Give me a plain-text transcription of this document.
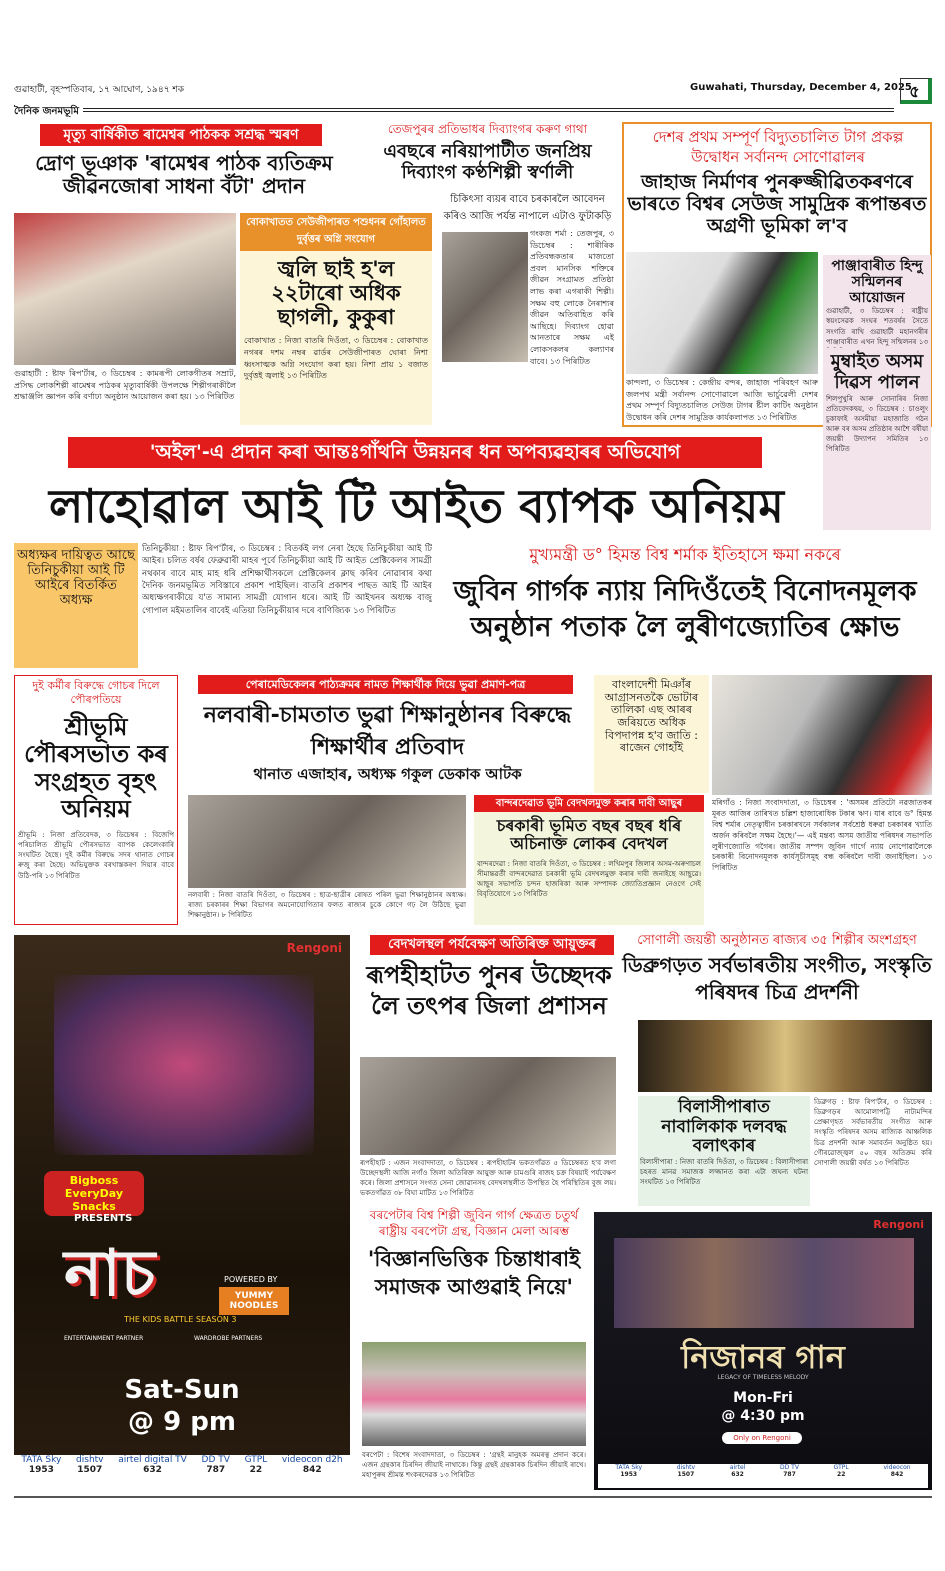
গুৱাহাটী, বৃহস্পতিবাৰ, ১৭ আঘোণ, ১৯৪৭ শক	Guwahati, Thursday, December 4, 2025
৫
দৈনিক জনমভূমি
মৃত্যু বাৰ্ষিকীত ৰামেশ্বৰ পাঠকক সশ্ৰদ্ধ স্মৰণ
দ্ৰোণ ভূঞাক 'ৰামেশ্বৰ পাঠক ব্যতিক্ৰম জীৱনজোৰা সাধনা বঁটা' প্ৰদান
গুৱাহাটী : ষ্টাফ ৰিপ'ৰ্টাৰ, ৩ ডিচেম্বৰ : কামৰূপী লোকগীতৰ সম্ৰাট, প্ৰসিদ্ধ লোকশিল্পী ৰামেশ্বৰ পাঠকৰ মৃত্যুবাৰ্ষিকী উপলক্ষে শিল্পীগৰাকীলৈ শ্ৰদ্ধাঞ্জলি জ্ঞাপন কৰি বৰ্ণাঢ্য অনুষ্ঠান আয়োজন কৰা হয়। ১৩ পিৰিটিত
বোকাখাতত সেউজীপাৰত পশুধনৰ গোঁহালত দুৰ্বৃত্তৰ অগ্নি সংযোগ
জ্বলি ছাই হ'ল ২২টাৰো অধিক ছাগলী, কুকুৰা
বোকাখাত : নিজা বাতৰি দিওঁতা, ৩ ডিচেম্বৰ : বোকাখাত নগৰৰ দশম নম্বৰ ৱাৰ্ডৰ সেউজীপাৰত ঘোৰা নিশা ধ্বংসাত্মক অগ্নি সংযোগ কৰা হয়। নিশা প্ৰায় ১ বজাত দুৰ্বৃত্তই জ্বলাই ১৩ পিৰিটিত
তেজপুৰৰ প্ৰতিভাধৰ দিব্যাংগৰ কৰুণ গাথা
এবছৰে নৰিয়াপাটীত জনপ্ৰিয় দিব্যাংগ কণ্ঠশিল্পী স্বৰ্ণালী
চিকিৎসা ব্যয়ৰ বাবে চৰকাৰলৈ আবেদন কৰিও আজি পৰ্যন্ত নাপালে এটাও ফুটাকড়ি
গংকজ শৰ্মা : তেজপুৰ, ৩ ডিচেম্বৰ : শাৰীৰিক প্ৰতিবন্ধকতাৰ মাজতো প্ৰবল মানসিক শক্তিৰে জীৱন সংগ্ৰামত প্ৰতিষ্ঠা লাভ কৰা এগৰাকী শিল্পী। সক্ষম বহু লোকে নৈৰাশ্যৰ জীৱন অতিবাহিত কৰি আছিহে। দিব্যাংগ হোৱা আনতাৰে সক্ষম এই লোকসকলৰ কল্যাণৰ বাবে। ১৩ পিৰিটিত
দেশৰ প্ৰথম সম্পূৰ্ণ বিদ্যুতচালিত টাগ প্ৰকল্প উদ্বোধন সৰ্বানন্দ সোণোৱালৰ
জাহাজ নিৰ্মাণৰ পুনৰুজ্জীৱিতকৰণৰে ভাৰতে বিশ্বৰ সেউজ সামুদ্ৰিক ৰূপান্তৰত অগ্ৰণী ভূমিকা ল'ব
কান্দলা, ৩ ডিচেম্বৰ : কেন্দ্ৰীয় বন্দৰ, জাহাজ পৰিবহণ আৰু জলপথ মন্ত্ৰী সৰ্বানন্দ সোণোৱালে আজি ভাৰ্চুৱেলী দেশৰ প্ৰথম সম্পূৰ্ণ বিদ্যুতচালিত সেউজ টাগৰ ষ্টীল কাটিং অনুষ্ঠান উদ্বোধন কৰি দেশৰ সামুদ্ৰিক কাৰ্যকলাপত ১৩ পিৰিটিত
পাঞ্জাবাৰীত হিন্দু সন্মিলনৰ আয়োজন
গুৱাহাটী, ৩ ডিচেম্বৰ : ৰাষ্ট্ৰীয় স্বয়ংসেৱক সংঘৰ শতবৰ্ষৰ সৈতে সংগতি ৰাখি গুৱাহাটী মহানগৰীৰ পাঞ্জাবাৰীত এখন হিন্দু সন্মিলনৰ ১৩
মুম্বাইত অসম দিৱস পালন
শিলপুখুৰি আৰু সোনাৰিৰ নিজা প্ৰতিবেদকদ্বয়, ৩ ডিচেম্বৰ : চাওলুং চুকাফাই অসমীয়া মহাজাতি গঠন আৰু বৰ অসম প্ৰতিষ্ঠাৰ আশৈ বৰ্ষীয়া জয়ন্তী উদ্যাপন সমিতিৰ ১৩ পিৰিটিত
'অইল'-এ প্ৰদান কৰা আন্তঃগাঁথনি উন্নয়নৰ ধন অপব্যৱহাৰৰ অভিযোগ
লাহোৱাল আই টি আইত ব্যাপক অনিয়ম
অধ্যক্ষৰ দায়িত্বত আছে তিনিচুকীয়া আই টি আইৰে বিতৰ্কিত অধ্যক্ষ
তিনিচুকীয়া : ষ্টাফ ৰিপ'ৰ্টাৰ, ৩ ডিচেম্বৰ : বিতৰ্কই লগ নেৰা হৈছে তিনিচুকীয়া আই টি আইৰ। চলিত বৰ্ষৰ ফেব্ৰুৱাৰী মাহৰ পূৰ্বে তিনিচুকীয়া আই টি আইত প্ৰেক্টিকেলৰ সামগ্ৰী নথকাৰ বাবে মাহ মাহ ধৰি প্ৰশিক্ষাৰ্থীসকলে প্ৰেক্টিকেলৰ ক্লাছ কৰিব নোৱাৰাৰ কথা দৈনিক জনমভূমিত সবিস্তাৰে প্ৰকাশ পাইছিল। বাতৰি প্ৰকাশৰ পাছত আই টি আইৰ অধ্যক্ষগৰাকীয়ে য'ত সামান্য সামগ্ৰী যোগান ধৰে। আই টি আইখনৰ অধ্যক্ষ বাজু গোপাল মইমতালিৰ বাবেই এতিয়া তিনিচুকীয়াৰ দৰে বাণিজ্যিক ১৩ পিৰিটিত
মুখ্যমন্ত্ৰী ড° হিমন্ত বিশ্ব শৰ্মাক ইতিহাসে ক্ষমা নকৰে
জুবিন গাৰ্গক ন্যায় নিদিওঁতেই বিনোদনমূলক অনুষ্ঠান পতাক লৈ লুৰীণজ্যোতিৰ ক্ষোভ
দুই কৰ্মীৰ বিৰুদ্ধে গোচৰ দিলে পৌৰপতিয়ে
শ্ৰীভূমি পৌৰসভাত কৰ সংগ্ৰহত বৃহৎ অনিয়ম
শ্ৰীভূমি : নিজা প্ৰতিবেদক, ৩ ডিচেম্বৰ : বিজেপি পৰিচালিত শ্ৰীভূমি পৌৰসভাত ব্যাপক কেলেংকাৰি সংঘটিত হৈছে। দুই কৰ্মীৰ বিৰুদ্ধে সদৰ থানাত গোচৰ ৰুজু কৰা হৈছে। অভিযুক্তক বৰখাস্তকৰণ দিয়াৰ বাবে উঠি-পৰি ১৩ পিৰিটিত
পেৰামেডিকেলৰ পাঠ্যক্ৰমৰ নামত শিক্ষাৰ্থীক দিয়ে ভুৱা প্ৰমাণ-পত্ৰ
নলবাৰী-চামতাত ভুৱা শিক্ষানুষ্ঠানৰ বিৰুদ্ধে শিক্ষাৰ্থীৰ প্ৰতিবাদ
থানাত এজাহাৰ, অধ্যক্ষ গকুল ডেকাক আটক
নলবাৰী : নিজা বাতৰি দিওঁতা, ৩ ডিচেম্বৰ : ছাত্ৰ-ছাত্ৰীৰ ৰোষত পৰিল ভুৱা শিক্ষানুষ্ঠানৰ অধ্যক্ষ। ৰাজ্য চৰকাৰৰ শিক্ষা বিভাগৰ অমনোযোগিতাৰ ফলত ৰাজ্যৰ চুকে কোণে গঢ় লৈ উঠিছে ভুৱা শিক্ষানুষ্ঠান। ৮ পিৰিটিত
বাংলাদেশী মিঞাঁৰ আগ্ৰাসনতকৈ ভোটাৰ তালিকা এছ আৰৰ জৰিয়তে অধিক বিপদাপন্ন হ'ব জাতি : ৰাজেন গোহাঁই
মৰিগাঁও : নিজা সংবাদদাতা, ৩ ডিচেম্বৰ : 'অসমৰ প্ৰতিটো নৱজাতকৰ মূৰত আজিৰ তাৰিখত চল্লিশ হাজাৰোধিক টকাৰ ঋণ। যাৰ বাবে ড° হিমন্ত বিশ্ব শৰ্মাৰ নেতৃত্বাধীন চৰকাৰখনে সৰ্বকালৰ সৰ্বশ্ৰেষ্ঠ ধৰুৱা চৰকাৰৰ খ্যাতি অৰ্জন কৰিবলৈ সক্ষম হৈছে।'— এই মন্তব্য অসম জাতীয় পৰিষদৰ সভাপতি লুৰীণজ্যোতি গগৈৰ। জাতীয় সম্পদ জুবিন গাৰ্গে ন্যায় নোপোৱালৈকে চৰকাৰী বিনোদনমূলক কাৰ্যসূচীসমূহ বন্ধ কৰিবলৈ দাবী জনাইছিল। ১৩ পিৰিটিত
বান্দৰদেৱাত ভূমি বেদখলমুক্ত কৰাৰ দাবী আছুৰ
চৰকাৰী ভূমিত বছৰ বছৰ ধৰি অচিনাক্ত লোকৰ বেদখল
বান্দৰদেৱা : নিজা বাতৰি দিওঁতা, ৩ ডিচেম্বৰ : লখিমপুৰ জিলাৰ অসম-অৰুণাচল সীমান্তৱৰ্তী বান্দৰদেৱাত চৰকাৰী ভূমি বেদখলমুক্ত কৰাৰ দাবী জনাইছে আছুৱে। আছুৰ সভাপতি চন্দন হাজৰিকা আৰু সম্পাদক জ্যোতিপ্ৰজ্ঞান নেওগে সেই বিবৃতিযোগে ১৩ পিৰিটিত
Rengoni
Bigboss EveryDay Snacks
PRESENTS
নাচ
THE KIDS BATTLE SEASON 3
POWERED BY
YUMMY NOODLES
ENTERTAINMENT PARTNER	WARDROBE PARTNERS
Sat-Sun
@ 9 pm
TATA Sky
1953
dishtv
1507
airtel digital TV
632
DD TV
787
GTPL
22
videocon d2h
842
বেদখলস্থল পৰ্যবেক্ষণ অতিৰিক্ত আয়ুক্তৰ
ৰূপহীহাটত পুনৰ উচ্ছেদক লৈ তৎপৰ জিলা প্ৰশাসন
ৰূপহীহাট : এজন সংবাদদাতা, ৩ ডিচেম্বৰ : ৰূপহীহাটৰ ভকতগাঁৱত ৫ ডিচেম্বৰত হ'ব লগা উচ্ছেদস্থলী আজি নগাঁও জিলা অতিৰিক্ত আয়ুক্ত আৰু চামগুৰি ৰাজহ চক্ৰ বিষয়াই পৰ্যবেক্ষণ কৰে। জিলা প্ৰশাসনে সংগত সেনা জোৱানসহ বেদখলস্থলীত উপস্থিত হৈ পৰিস্থিতিৰ বুজ লয়। ভকতগাঁৱত ৩৮ বিঘা মাটিত ১৩ পিৰিটিত
সোণালী জয়ন্তী অনুষ্ঠানত ৰাজ্যৰ ৩৫ শিল্পীৰ অংশগ্ৰহণ
ডিব্ৰুগড়ত সৰ্বভাৰতীয় সংগীত, সংস্কৃতি পৰিষদৰ চিত্ৰ প্ৰদৰ্শনী
ডিব্ৰুগড় : ষ্টাফ ৰিপ'ৰ্টাৰ, ৩ ডিচেম্বৰ : ডিব্ৰুগড়ৰ আমোলাপট্টি নাট্যমন্দিৰ প্ৰেক্ষাগৃহত সৰ্বভাৰতীয় সংগীত আৰু সংস্কৃতি পৰিষদৰ অসম ৰাজ্যিক আঞ্চলিক চিত্ৰ প্ৰদৰ্শনী আৰু সমাবৰ্তন অনুষ্ঠিত হয়। গৌৰৱোজ্জ্বল ৫০ বছৰ অতিক্ৰম কৰি সোণালী জয়ন্তী বৰ্ষত ১৩ পিৰিটিত
বিলাসীপাৰাত নাবালিকাক দলবদ্ধ বলাৎকাৰ
বিলাসীপাৰা : নিজা বাতৰি দিওঁতা, ৩ ডিচেম্বৰ : বিলাসীপাৰা চহৰত মানৱ সমাজক লজ্জানত কৰা এটা জঘন্য ঘটনা সংঘটিত ১৩ পিৰিটিত
বৰপেটাৰ বিশ্ব শিল্পী জুবিন গাৰ্গ ক্ষেত্ৰত চতুৰ্থ ৰাষ্ট্ৰীয় বৰপেটা গ্ৰন্থ, বিজ্ঞান মেলা আৰম্ভ
'বিজ্ঞানভিত্তিক চিন্তাধাৰাই সমাজক আগুৱাই নিয়ে'
বৰপেটা : বিশেষ সংবাদদাতা, ৩ ডিচেম্বৰ : 'গ্ৰন্থই মানুহক অমৰত্ব প্ৰদান কৰে। এজন গ্ৰন্থকাৰ চিৰদিন জীয়াই নাথাকে। কিন্তু গ্ৰন্থই গ্ৰন্থকাৰক চিৰদিন জীয়াই ৰাখে। মহাপুৰুষ শ্ৰীমন্ত শংকৰদেৱক ১৩ পিৰিটিত
Rengoni
নিজানৰ গান
LEGACY OF TIMELESS MELODY
Mon-Fri
@ 4:30 pm
Only on Rengoni
TATA Sky
1953
dishtv
1507
airtel
632
DD TV
787
GTPL
22
videocon
842
